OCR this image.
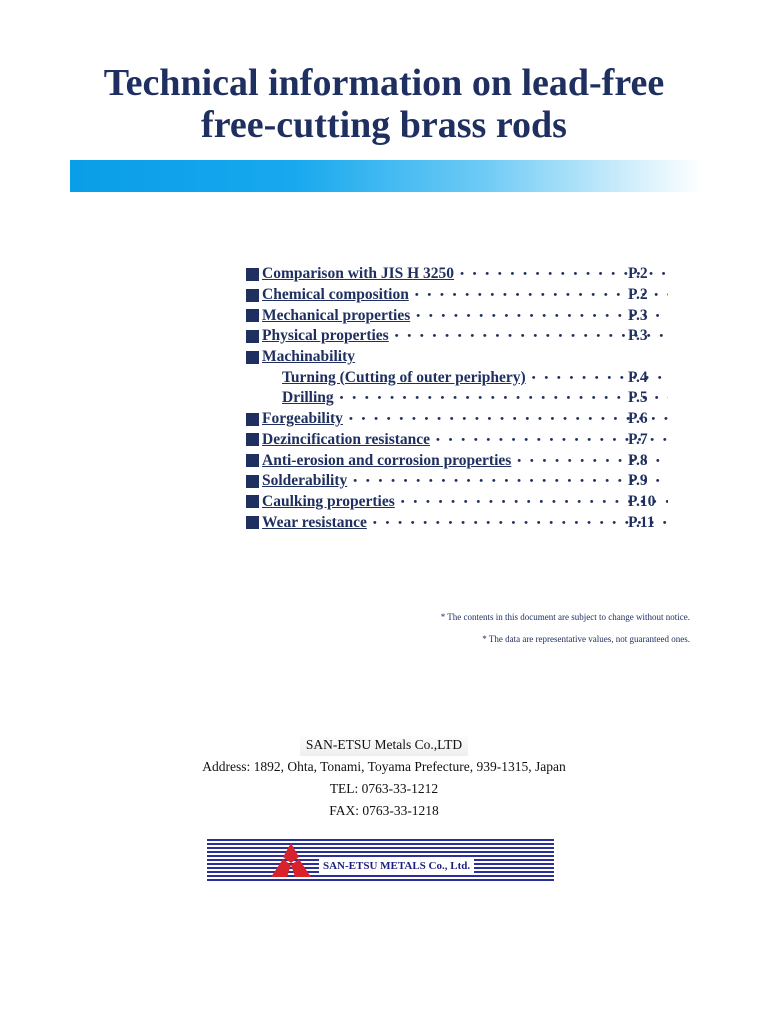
Technical information on lead-free
free-cutting brass rods
Comparison with JIS H 3250 • • •	P.2
Chemical composition • • •	P.2
Mechanical properties • • •	P.3
Physical properties • • •	P.3
Machinability
Turning (Cutting of outer periphery) • • •	P.4
Drilling • • •	P.5
Forgeability • • •	P.6
Dezincification resistance • • •	P.7
Anti-erosion and corrosion properties • • •	P.8
Solderability • • •	P.9
Caulking properties • • •	P.10
Wear resistance • • •	P.11
* The contents in this document are subject to change without notice.
* The data are representative values, not guaranteed ones.
SAN-ETSU Metals Co.,LTD
Address: 1892, Ohta, Tonami, Toyama Prefecture, 939-1315, Japan
TEL: 0763-33-1212
FAX: 0763-33-1218
SAN-ETSU METALS Co., Ltd.
